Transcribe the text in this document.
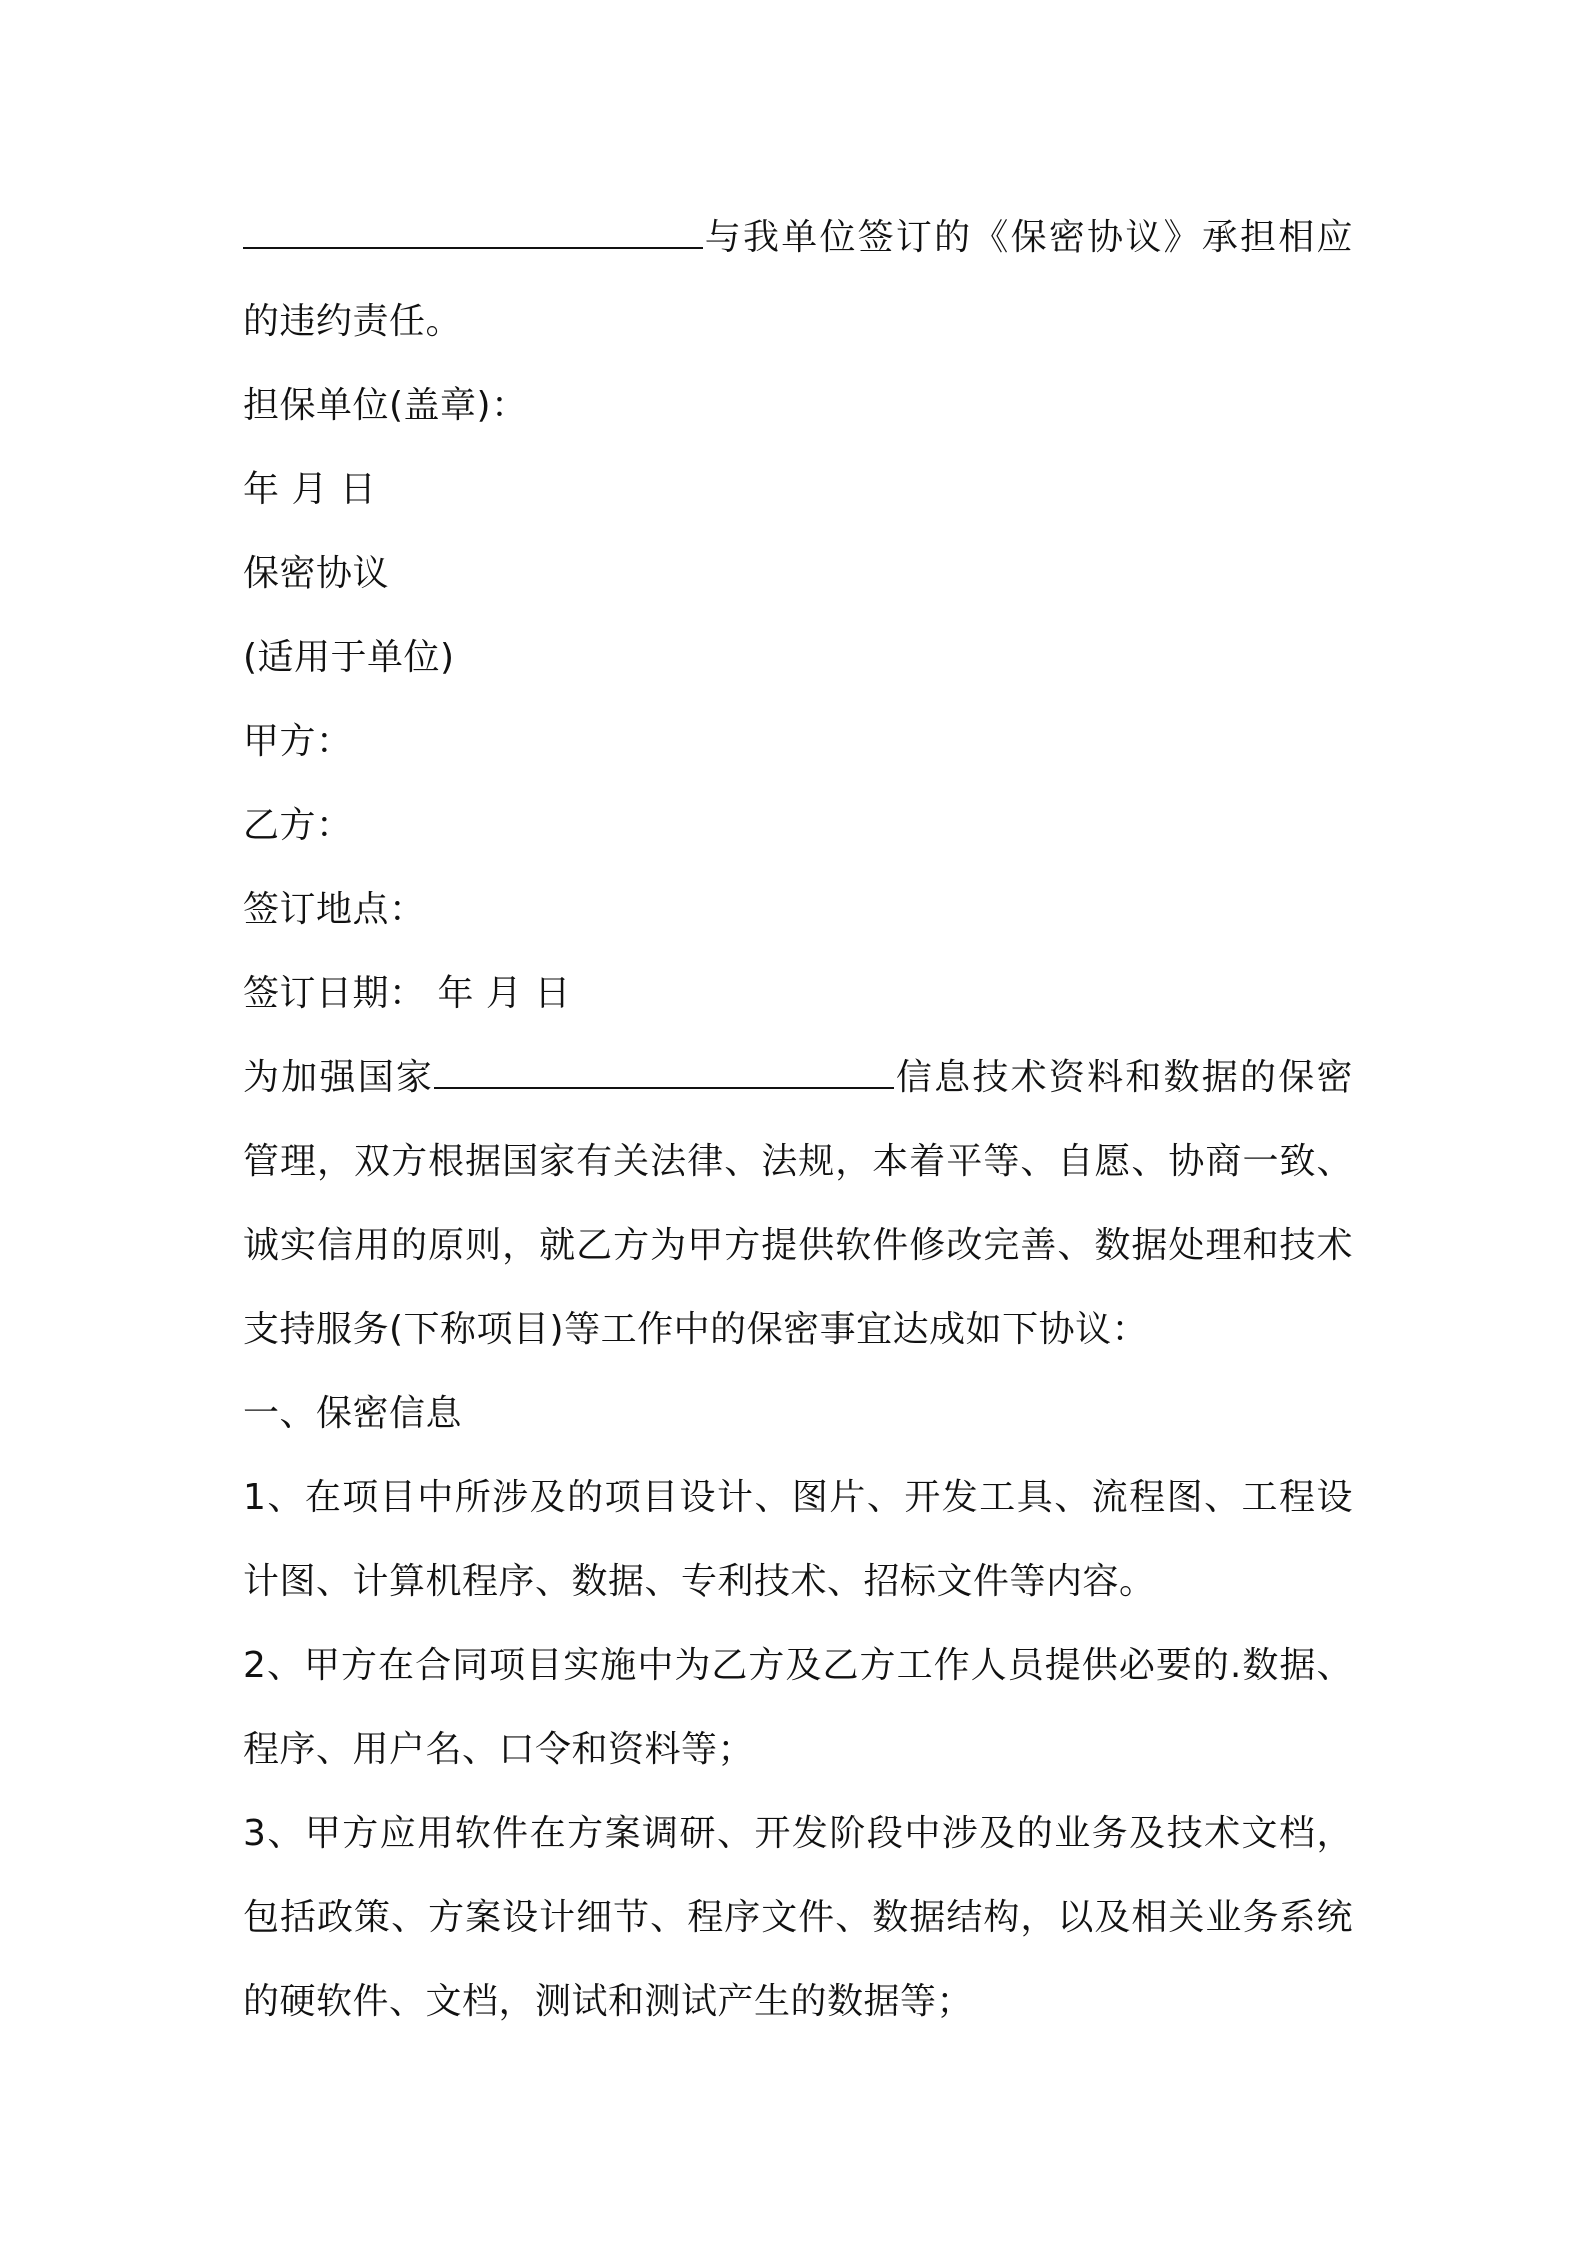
与我单位签订的《保密协议》承担相应
的违约责任。
担保单位(盖章)：
年 月 日
保密协议
(适用于单位)
甲方：
乙方：
签订地点：
签订日期： 年 月 日
为加强国家	信息技术资料和数据的保密
管理，双方根据国家有关法律、法规，本着平等、自愿、协商一致、
诚实信用的原则，就乙方为甲方提供软件修改完善、数据处理和技术
支持服务(下称项目)等工作中的保密事宜达成如下协议：
一、保密信息
1、在项目中所涉及的项目设计、图片、开发工具、流程图、工程设
计图、计算机程序、数据、专利技术、招标文件等内容。
2、甲方在合同项目实施中为乙方及乙方工作人员提供必要的.数据、
程序、用户名、口令和资料等；
3、甲方应用软件在方案调研、开发阶段中涉及的业务及技术文档，
包括政策、方案设计细节、程序文件、数据结构，以及相关业务系统
的硬软件、文档，测试和测试产生的数据等；
